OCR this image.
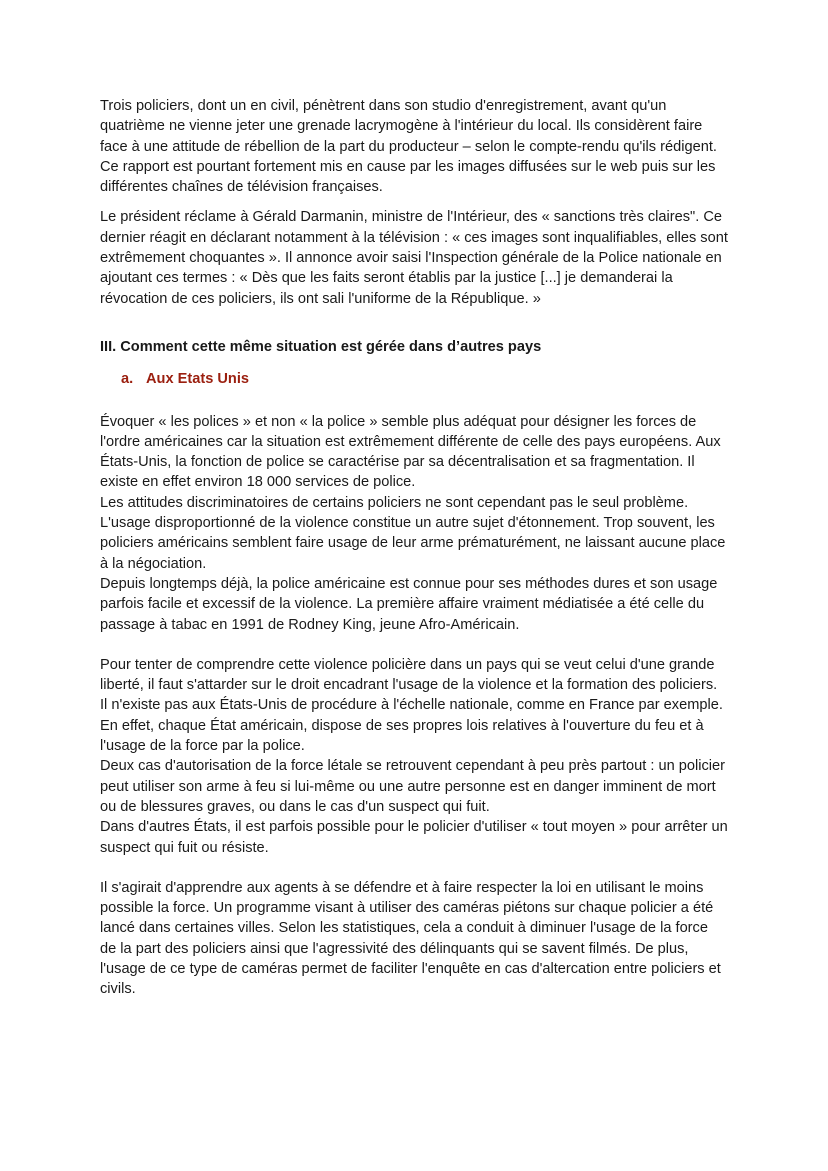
Trois policiers, dont un en civil, pénètrent dans son studio d'enregistrement, avant qu'un quatrième ne vienne jeter une grenade lacrymogène à l'intérieur du local. Ils considèrent faire face à une attitude de rébellion de la part du producteur – selon le compte-rendu qu'ils rédigent. Ce rapport est pourtant fortement mis en cause par les images diffusées sur le web puis sur les différentes chaînes de télévision françaises.

Le président réclame à Gérald Darmanin, ministre de l'Intérieur, des « sanctions très claires". Ce dernier réagit en déclarant notamment à la télévision : « ces images sont inqualifiables, elles sont extrêmement choquantes ». Il annonce avoir saisi l'Inspection générale de la Police nationale en ajoutant ces termes : « Dès que les faits seront établis par la justice [...] je demanderai la révocation de ces policiers, ils ont sali l'uniforme de la République. »

III. Comment cette même situation est gérée dans d’autres pays
a. Aux Etats Unis

Évoquer « les polices » et non « la police » semble plus adéquat pour désigner les forces de l'ordre américaines car la situation est extrêmement différente de celle des pays européens. Aux États-Unis, la fonction de police se caractérise par sa décentralisation et sa fragmentation. Il existe en effet environ 18 000 services de police.

Les attitudes discriminatoires de certains policiers ne sont cependant pas le seul problème. L'usage disproportionné de la violence constitue un autre sujet d'étonnement. Trop souvent, les policiers américains semblent faire usage de leur arme prématurément, ne laissant aucune place à la négociation.

Depuis longtemps déjà, la police américaine est connue pour ses méthodes dures et son usage parfois facile et excessif de la violence. La première affaire vraiment médiatisée a été celle du passage à tabac en 1991 de Rodney King, jeune Afro-Américain.

Pour tenter de comprendre cette violence policière dans un pays qui se veut celui d'une grande liberté, il faut s'attarder sur le droit encadrant l'usage de la violence et la formation des policiers.

Il n'existe pas aux États-Unis de procédure à l'échelle nationale, comme en France par exemple. En effet, chaque État américain, dispose de ses propres lois relatives à l'ouverture du feu et à l'usage de la force par la police.

Deux cas d'autorisation de la force létale se retrouvent cependant à peu près partout : un policier peut utiliser son arme à feu si lui-même ou une autre personne est en danger imminent de mort ou de blessures graves, ou dans le cas d'un suspect qui fuit.

Dans d'autres États, il est parfois possible pour le policier d'utiliser « tout moyen » pour arrêter un suspect qui fuit ou résiste.

Il s'agirait d'apprendre aux agents à se défendre et à faire respecter la loi en utilisant le moins possible la force. Un programme visant à utiliser des caméras piétons sur chaque policier a été lancé dans certaines villes. Selon les statistiques, cela a conduit à diminuer l'usage de la force de la part des policiers ainsi que l'agressivité des délinquants qui se savent filmés. De plus, l'usage de ce type de caméras permet de faciliter l'enquête en cas d'altercation entre policiers et civils.
